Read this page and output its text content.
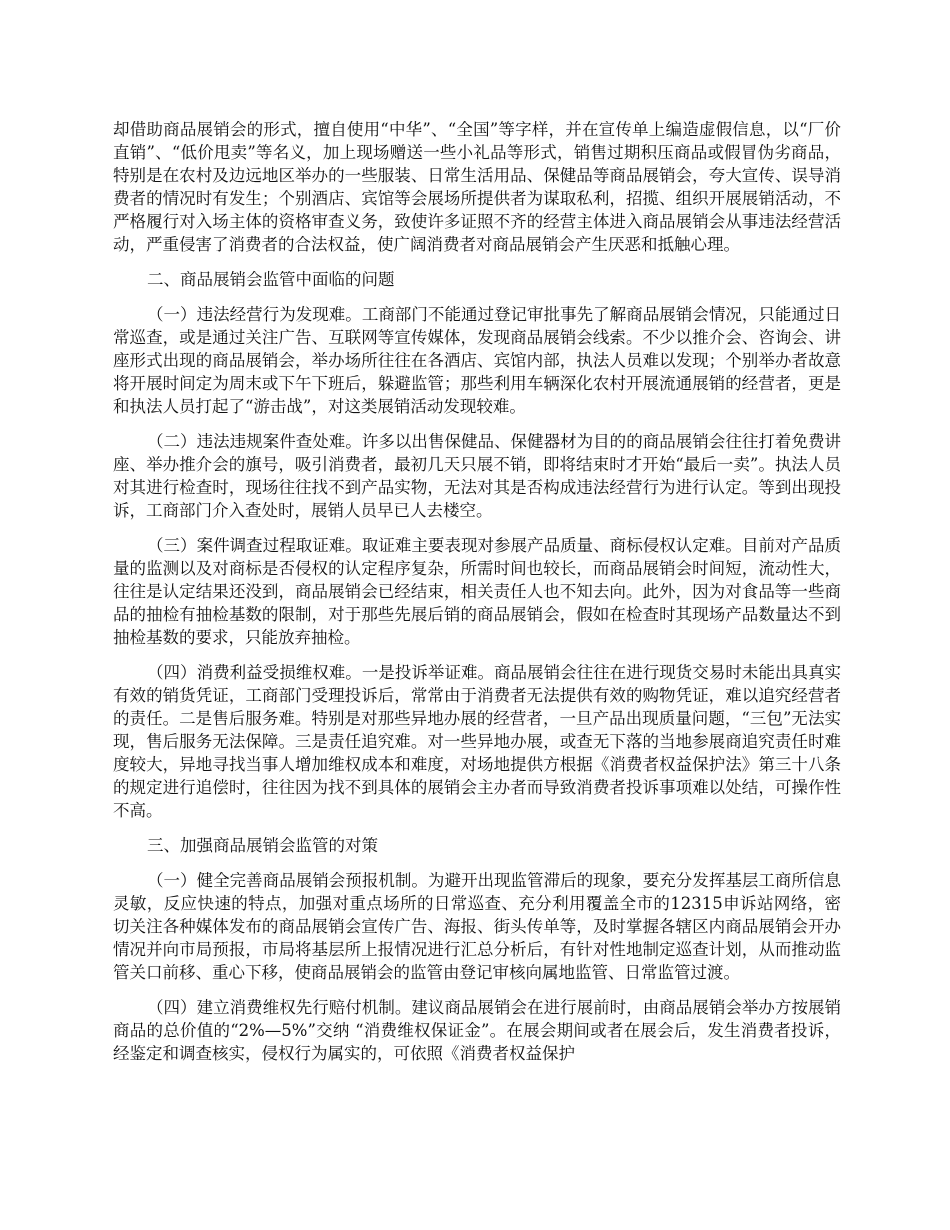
却借助商品展销会的形式，擅自使用“中华”、“全国”等字样，并在宣传单上编造虚假信息，以“厂价直销”、“低价甩卖”等名义，加上现场赠送一些小礼品等形式，销售过期积压商品或假冒伪劣商品，特别是在农村及边远地区举办的一些服装、日常生活用品、保健品等商品展销会，夸大宣传、误导消费者的情况时有发生；个别酒店、宾馆等会展场所提供者为谋取私利，招揽、组织开展展销活动，不严格履行对入场主体的资格审查义务，致使许多证照不齐的经营主体进入商品展销会从事违法经营活动，严重侵害了消费者的合法权益，使广阔消费者对商品展销会产生厌恶和抵触心理。

二、商品展销会监管中面临的问题

（一）违法经营行为发现难。工商部门不能通过登记审批事先了解商品展销会情况，只能通过日常巡查，或是通过关注广告、互联网等宣传媒体，发现商品展销会线索。不少以推介会、咨询会、讲座形式出现的商品展销会，举办场所往往在各酒店、宾馆内部，执法人员难以发现；个别举办者故意将开展时间定为周末或下午下班后，躲避监管；那些利用车辆深化农村开展流通展销的经营者，更是和执法人员打起了“游击战”，对这类展销活动发现较难。

（二）违法违规案件查处难。许多以出售保健品、保健器材为目的的商品展销会往往打着免费讲座、举办推介会的旗号，吸引消费者，最初几天只展不销，即将结束时才开始“最后一卖”。执法人员对其进行检查时，现场往往找不到产品实物，无法对其是否构成违法经营行为进行认定。等到出现投诉，工商部门介入查处时，展销人员早已人去楼空。

（三）案件调查过程取证难。取证难主要表现对参展产品质量、商标侵权认定难。目前对产品质量的监测以及对商标是否侵权的认定程序复杂，所需时间也较长，而商品展销会时间短，流动性大，往往是认定结果还没到，商品展销会已经结束，相关责任人也不知去向。此外，因为对食品等一些商品的抽检有抽检基数的限制，对于那些先展后销的商品展销会，假如在检查时其现场产品数量达不到抽检基数的要求，只能放弃抽检。

（四）消费利益受损维权难。一是投诉举证难。商品展销会往往在进行现货交易时未能出具真实有效的销货凭证，工商部门受理投诉后，常常由于消费者无法提供有效的购物凭证，难以追究经营者的责任。二是售后服务难。特别是对那些异地办展的经营者，一旦产品出现质量问题，“三包”无法实现，售后服务无法保障。三是责任追究难。对一些异地办展，或查无下落的当地参展商追究责任时难度较大，异地寻找当事人增加维权成本和难度，对场地提供方根据《消费者权益保护法》第三十八条的规定进行追偿时，往往因为找不到具体的展销会主办者而导致消费者投诉事项难以处结，可操作性不高。

三、加强商品展销会监管的对策

（一）健全完善商品展销会预报机制。为避开出现监管滞后的现象，要充分发挥基层工商所信息灵敏，反应快速的特点，加强对重点场所的日常巡查、充分利用覆盖全市的12315申诉站网络，密切关注各种媒体发布的商品展销会宣传广告、海报、街头传单等，及时掌握各辖区内商品展销会开办情况并向市局预报，市局将基层所上报情况进行汇总分析后，有针对性地制定巡查计划，从而推动监管关口前移、重心下移，使商品展销会的监管由登记审核向属地监管、日常监管过渡。

（四）建立消费维权先行赔付机制。建议商品展销会在进行展前时，由商品展销会举办方按展销商品的总价值的“2%—5%”交纳 “消费维权保证金”。在展会期间或者在展会后，发生消费者投诉，经鉴定和调查核实，侵权行为属实的，可依照《消费者权益保护
